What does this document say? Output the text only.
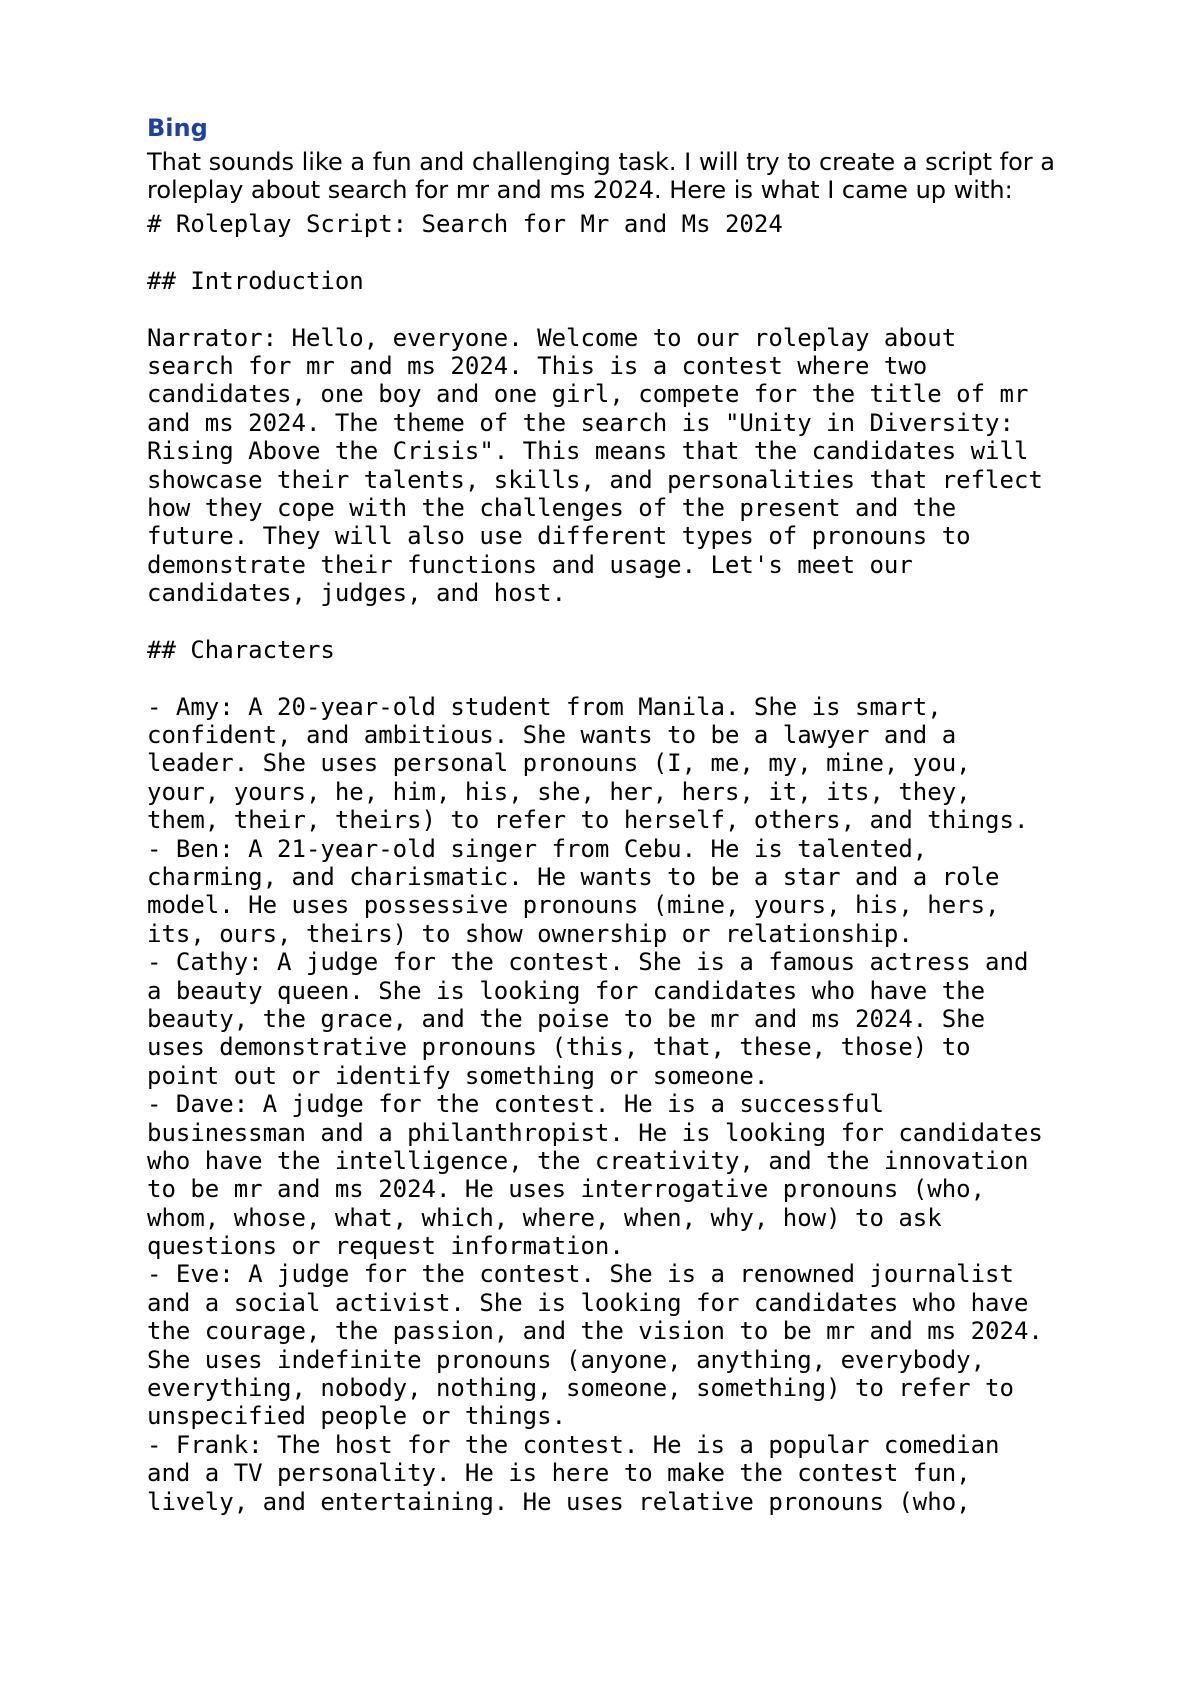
Bing
That sounds like a fun and challenging task. I will try to create a script for a roleplay about search for mr and ms 2024. Here is what I came up with:
# Roleplay Script: Search for Mr and Ms 2024
## Introduction
Narrator: Hello, everyone. Welcome to our roleplay about
search for mr and ms 2024. This is a contest where two
candidates, one boy and one girl, compete for the title of mr
and ms 2024. The theme of the search is "Unity in Diversity:
Rising Above the Crisis". This means that the candidates will
showcase their talents, skills, and personalities that reflect
how they cope with the challenges of the present and the
future. They will also use different types of pronouns to
demonstrate their functions and usage. Let's meet our
candidates, judges, and host.
## Characters
- Amy: A 20-year-old student from Manila. She is smart,
confident, and ambitious. She wants to be a lawyer and a
leader. She uses personal pronouns (I, me, my, mine, you,
your, yours, he, him, his, she, her, hers, it, its, they,
them, their, theirs) to refer to herself, others, and things.
- Ben: A 21-year-old singer from Cebu. He is talented,
charming, and charismatic. He wants to be a star and a role
model. He uses possessive pronouns (mine, yours, his, hers,
its, ours, theirs) to show ownership or relationship.
- Cathy: A judge for the contest. She is a famous actress and
a beauty queen. She is looking for candidates who have the
beauty, the grace, and the poise to be mr and ms 2024. She
uses demonstrative pronouns (this, that, these, those) to
point out or identify something or someone.
- Dave: A judge for the contest. He is a successful
businessman and a philanthropist. He is looking for candidates
who have the intelligence, the creativity, and the innovation
to be mr and ms 2024. He uses interrogative pronouns (who,
whom, whose, what, which, where, when, why, how) to ask
questions or request information.
- Eve: A judge for the contest. She is a renowned journalist
and a social activist. She is looking for candidates who have
the courage, the passion, and the vision to be mr and ms 2024.
She uses indefinite pronouns (anyone, anything, everybody,
everything, nobody, nothing, someone, something) to refer to
unspecified people or things.
- Frank: The host for the contest. He is a popular comedian
and a TV personality. He is here to make the contest fun,
lively, and entertaining. He uses relative pronouns (who,
